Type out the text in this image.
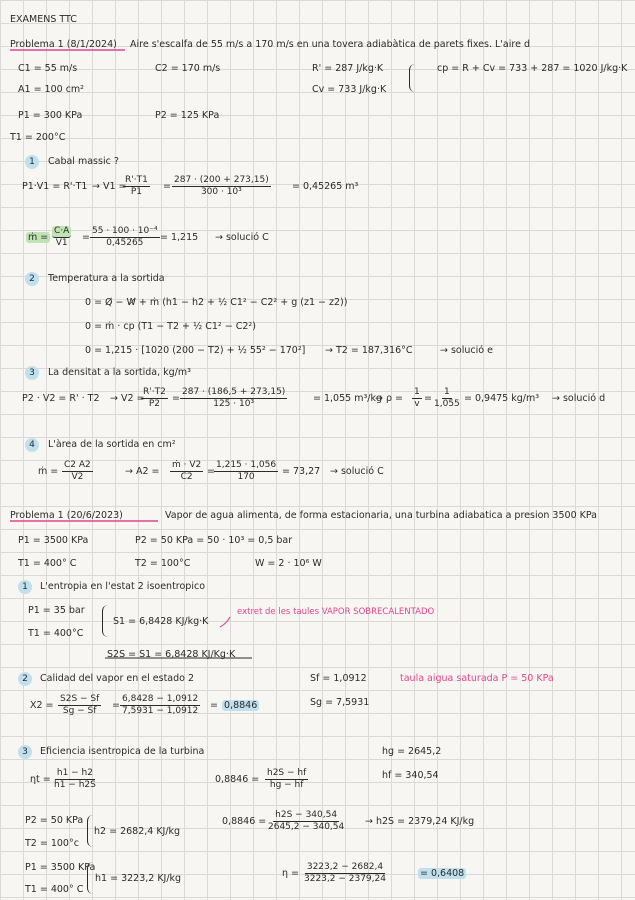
EXAMENS TTC
Problema 1 (8/1/2024) Aire s'escalfa de 55 m/s a 170 m/s en una tovera adiabàtica de parets fixes. L'aire d
C1 = 55 m/s	C2 = 170 m/s	R' = 287 J/kg·K	cp = R + Cv = 733 + 287 = 1020 J/kg·K
A1 = 100 cm²	Cv = 733 J/kg·K
P1 = 300 KPa	P2 = 125 KPa
T1 = 200°C
1	Cabal massic ?
P1·V1 = R'·T1 → V1 =
$\frac{R'\cdot T1}{P1} = \frac{287 \cdot (200 + 273,15)}{\text{300 · 10³}} = 0,45265$ m³
ṁ = $\frac{C\cdot A}{V1} = \frac{\text{55 · 100 · 10⁻⁴}}{0,45265} = 1,215$ → solució C
2	Temperatura a la sortida
0 = Q̸ − W̸ + ṁ (h1 − h2 + ½ C1² − C2² + g (z1 − z2))
0 = ṁ · cp (T1 − T2 + ½ C1² − C2²)
0 = 1,215 · [1020 (200 − T2) + ½ 55² − 170²] → T2 = 187,316°C	→ solució e
3	La densitat a la sortida, kg/m³
P2 · V2 = R' · T2 → V2 =
$\frac{R'\cdot T2}{P2} = \frac{287 \cdot (186,5 + 273,15)}{\text{125 · 10³}}$	= 1,055 m³/kg
→ $\rho = \frac{1}{v} = \frac{1}{1,055} = 0,9475$ kg/m³ → solució d
4	L'àrea de la sortida en cm²
ṁ = $\frac{C2 A2}{V2}$	→ $A2 = \frac{\text{ṁ · V2}}{C2} = \frac{1,215 \cdot 1,056}{170} = 73,27$ → solució C
Problema 1 (20/6/2023)	Vapor de agua alimenta, de forma estacionaria, una turbina adiabatica a presion 3500 KPa
P1 = 3500 KPa	P2 = 50 KPa = 50 · 10³ = 0,5 bar
T1 = 400° C	T2 = 100°C	W = 2 · 10⁶ W
1	L'entropia en l'estat 2 isoentropico
P1 = 35 bar
T1 = 400°C
S1 = 6,8428 KJ/kg·K
extret de les taules VAPOR SOBRECALENTADO
S2S = S1 = 6,8428 KJ/Kg·K
2	Calidad del vapor en el estado 2	Sf = 1,0912	taula aigua saturada P = 50 KPa
Sg = 7,5931
$X2 = \frac{S2S - Sf}{Sg - Sf} = \frac{6,8428 - 1,0912}{7,5931 - 1,0912} = 0,8846$
3	Eficiencia isentropica de la turbina	hg = 2645,2
hf = 340,54
$\eta t = \frac{h1 - h2}{h1 - h2S}$	$0,8846 = \frac{h2S - hf}{hg - hf}$
P2 = 50 KPa
T2 = 100°c
h2 = 2682,4 KJ/kg
$0,8846 = \frac{h2S - 340,54}{2645,2 - 340,54} \to h2S = 2379,24$ KJ/kg
P1 = 3500 KPa
T1 = 400° C
h1 = 3223,2 KJ/kg	$\eta = \frac{3223,2 - 2682,4}{3223,2 - 2379,24}$	= 0,6408
